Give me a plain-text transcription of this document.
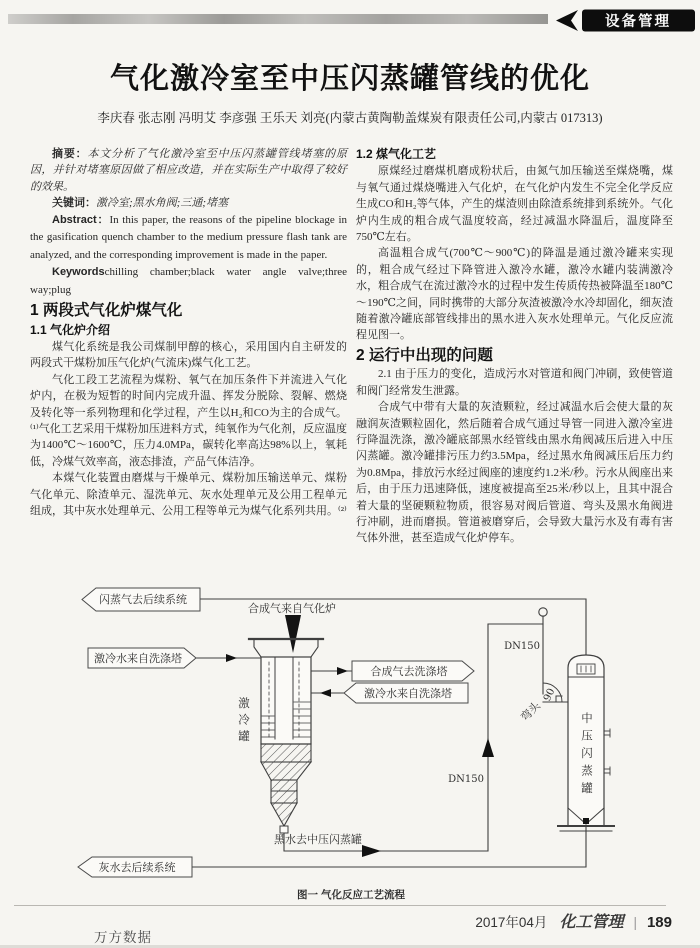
设备管理
气化激冷室至中压闪蒸罐管线的优化
李庆春 张志刚 冯明艾 李彦强 王乐天 刘亮(内蒙古黄陶勒盖煤炭有限责任公司,内蒙古 017313)

摘要：本文分析了气化激冷室至中压闪蒸罐管线堵塞的原因，并针对堵塞原因做了相应改造，并在实际生产中取得了较好的效果。

关键词：激冷室;黑水角阀;三通;堵塞

Abstract：In this paper, the reasons of the pipeline blockage in the gasification quench chamber to the medium pressure flash tank are analyzed, and the corresponding improvement is made in the paper.

Keywordschilling chamber;black water angle valve;three way;plug

1 两段式气化炉煤气化
1.1 气化炉介绍

煤气化系统是我公司煤制甲醇的核心，采用国内自主研发的两段式干煤粉加压气化炉(气流床)煤气化工艺。

气化工段工艺流程为煤粉、氧气在加压条件下并流进入气化炉内，在极为短暂的时间内完成升温、挥发分脱除、裂解、燃烧及转化等一系列物理和化学过程，产生以H₂和CO为主的合成气。⁽¹⁾气化工艺采用干煤粉加压进料方式，纯氧作为气化剂，反应温度为1400℃～1600℃，压力4.0MPa，碳转化率高达98%以上，氧耗低，冷煤气效率高，液态排渣，产品气体洁净。

本煤气化装置由磨煤与干燥单元、煤粉加压输送单元、煤粉气化单元、除渣单元、湿洗单元、灰水处理单元及公用工程单元组成，其中灰水处理单元、公用工程等单元为煤气化系列共用。⁽²⁾

1.2 煤气化工艺

原煤经过磨煤机磨成粉状后，由氮气加压输送至煤烧嘴，煤与氧气通过煤烧嘴进入气化炉，在气化炉内发生不完全化学反应生成CO和H₂等气体，产生的煤渣则由除渣系统排到系统外。气化炉内生成的粗合成气温度较高，经过减温水降温后，温度降至750℃左右。

高温粗合成气(700℃～900℃)的降温是通过激冷罐来实现的，粗合成气经过下降管进入激冷水罐，激冷水罐内装满激冷水，粗合成气在流过激冷水的过程中发生传质传热被降温至180℃～190℃之间，同时携带的大部分灰渣被激冷水冷却固化，细灰渣随着激冷罐底部管线排出的黑水进入灰水处理单元。气化反应流程见图一。

2 运行中出现的问题

2.1 由于压力的变化，造成污水对管道和阀门冲刷，致使管道和阀门经常发生泄露。

合成气中带有大量的灰渣颗粒，经过减温水后会使大量的灰融润灰渣颗粒固化，然后随着合成气通过导管一同进入激冷室进行降温洗涤，激冷罐底部黑水经管线由黑水角阀减压后进入中压闪蒸罐。激冷罐排污压力约3.5Mpa，经过黑水角阀减压后压力约为0.8Mpa，排放污水经过阀座的速度约1.2米/秒。污水从阀座出来后，由于压力迅速降低，速度被提高至25米/秒以上，且其中混合着大量的坚硬颗粒物质，很容易对阀后管道、弯头及黑水角阀进行冲刷，进而磨损。管道被磨穿后，会导致大量污水及有毒有害气体外泄，甚至造成气化炉停车。

90
弯头
闪蒸气去后续系统
激冷水来自洗涤塔
合成气去洗涤塔
激冷水来自洗涤塔
灰水去后续系统
合成气来自气化炉
激冷罐	中压闪蒸罐
DN150
DN150
黑水去中压闪蒸罐
图一 气化反应工艺流程
2017年04月 化工管理 | 189
万方数据
